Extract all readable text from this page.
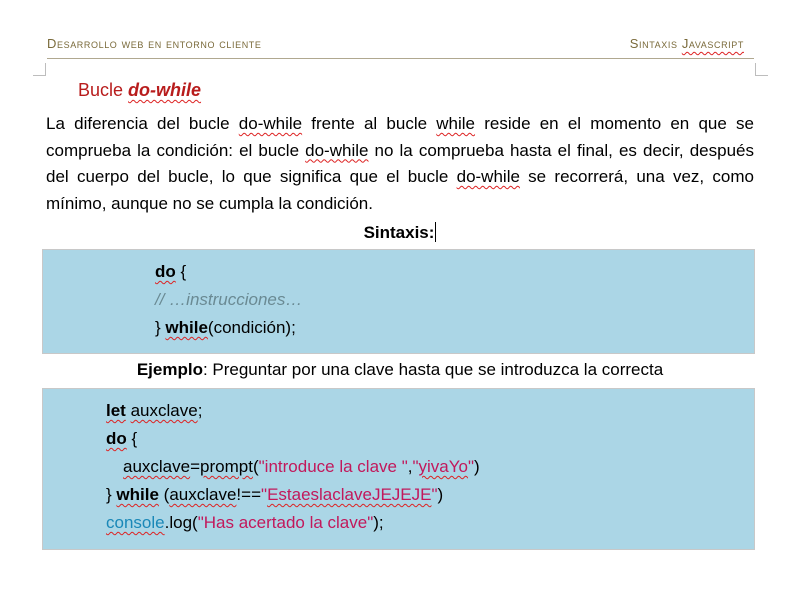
Desarrollo web en entorno cliente	Sintaxis Javascript
Bucle do-while
La diferencia del bucle do-while frente al bucle while reside en el momento en que se comprueba la condición: el bucle do-while no la comprueba hasta el final, es decir, después del cuerpo del bucle, lo que significa que el bucle do-while se recorrerá, una vez, como mínimo, aunque no se cumpla la condición.
Sintaxis:
do {
// …instrucciones…
} while(condición);
Ejemplo: Preguntar por una clave hasta que se introduzca la correcta
let auxclave;
do {
auxclave=prompt("introduce la clave ","yivaYo")
} while (auxclave!=="EstaeslaclaveJEJEJE")
console.log("Has acertado la clave");
